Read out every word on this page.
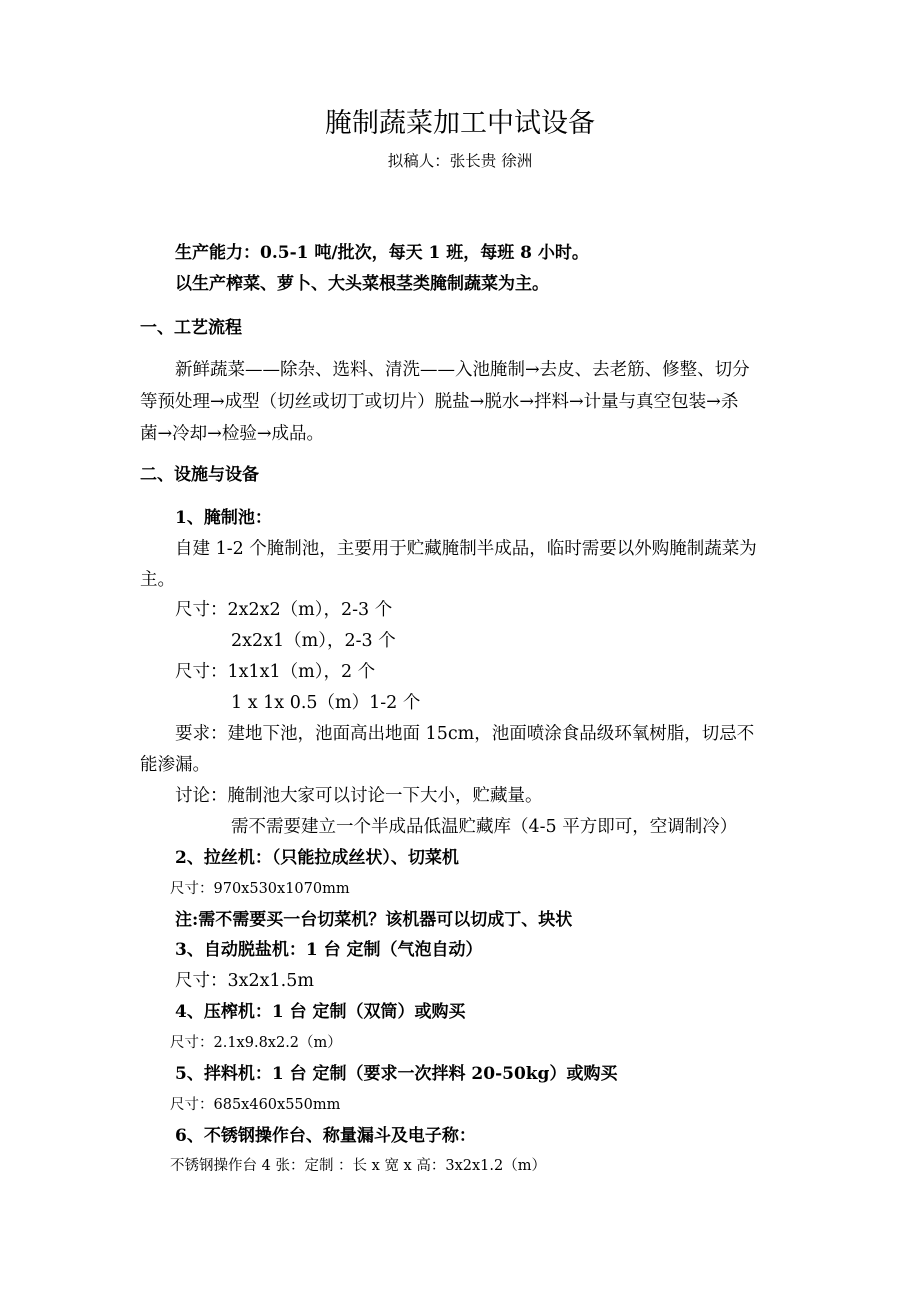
腌制蔬菜加工中试设备
拟稿人：张长贵 徐洲
生产能力：0.5-1 吨/批次，每天 1 班，每班 8 小时。
以生产榨菜、萝卜、大头菜根茎类腌制蔬菜为主。
一、工艺流程
新鲜蔬菜——除杂、选料、清洗——入池腌制→去皮、去老筋、修整、切分
等预处理→成型（切丝或切丁或切片）脱盐→脱水→拌料→计量与真空包装→杀
菌→冷却→检验→成品。
二、设施与设备
1、腌制池：
自建 1-2 个腌制池，主要用于贮藏腌制半成品，临时需要以外购腌制蔬菜为
主。
尺寸：2x2x2（m），2-3 个
2x2x1（m），2-3 个
尺寸：1x1x1（m），2 个
1 x 1x 0.5（m）1-2 个
要求：建地下池，池面高出地面 15cm，池面喷涂食品级环氧树脂，切忌不
能渗漏。
讨论：腌制池大家可以讨论一下大小，贮藏量。
需不需要建立一个半成品低温贮藏库（4-5 平方即可，空调制冷）
2、拉丝机：（只能拉成丝状）、切菜机
尺寸：970x530x1070mm
注:需不需要买一台切菜机？该机器可以切成丁、块状
3、自动脱盐机：1 台 定制（气泡自动）
尺寸：3x2x1.5m
4、压榨机：1 台 定制（双筒）或购买
尺寸：2.1x9.8x2.2（m）
5、拌料机：1 台 定制（要求一次拌料 20-50kg）或购买
尺寸：685x460x550mm
6、不锈钢操作台、称量漏斗及电子称：
不锈钢操作台 4 张：定制 ：长 x 宽 x 高：3x2x1.2（m）
